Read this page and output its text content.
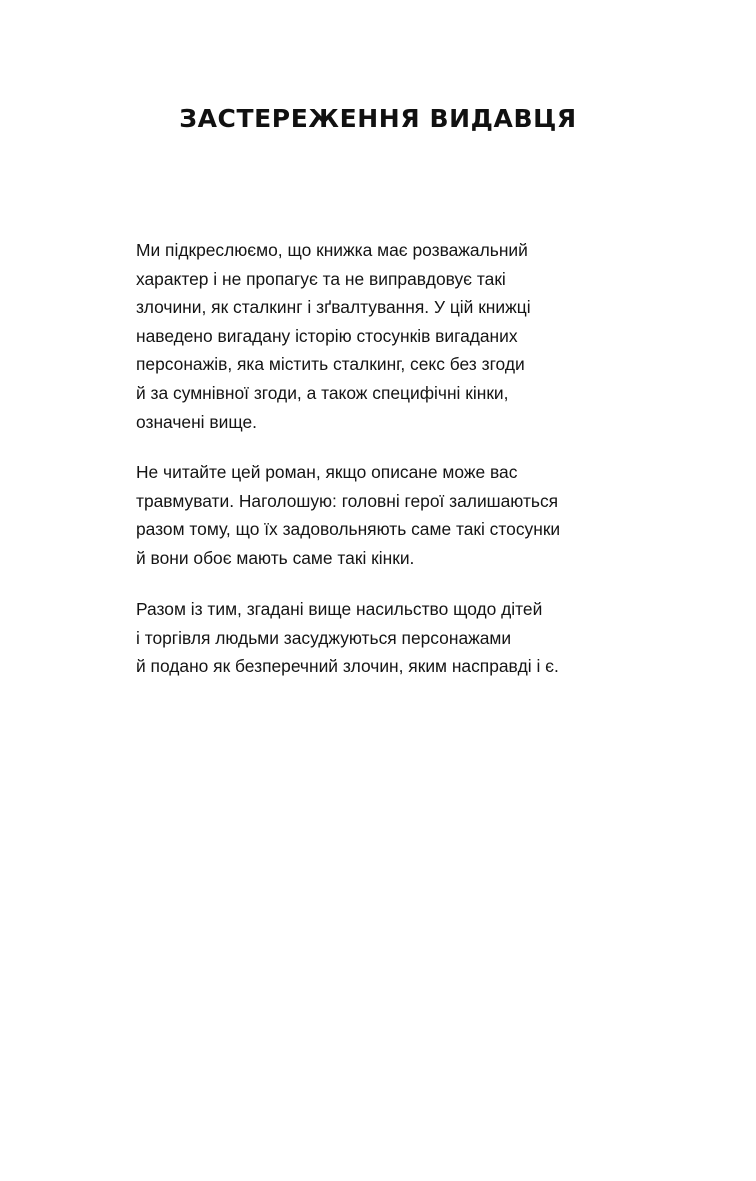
ЗАСТЕРЕЖЕННЯ ВИДАВЦЯ

Ми підкреслюємо, що книжка має розважальний
характер і не пропагує та не виправдовує такі
злочини, як сталкинг і зґвалтування. У цій книжці
наведено вигадану історію стосунків вигаданих
персонажів, яка містить сталкинг, секс без згоди
й за сумнівної згоди, а також специфічні кінки,
означені вище.

Не читайте цей роман, якщо описане може вас
травмувати. Наголошую: головні герої залишаються
разом тому, що їх задовольняють саме такі стосунки
й вони обоє мають саме такі кінки.

Разом із тим, згадані вище насильство щодо дітей
і торгівля людьми засуджуються персонажами
й подано як безперечний злочин, яким насправді і є.
